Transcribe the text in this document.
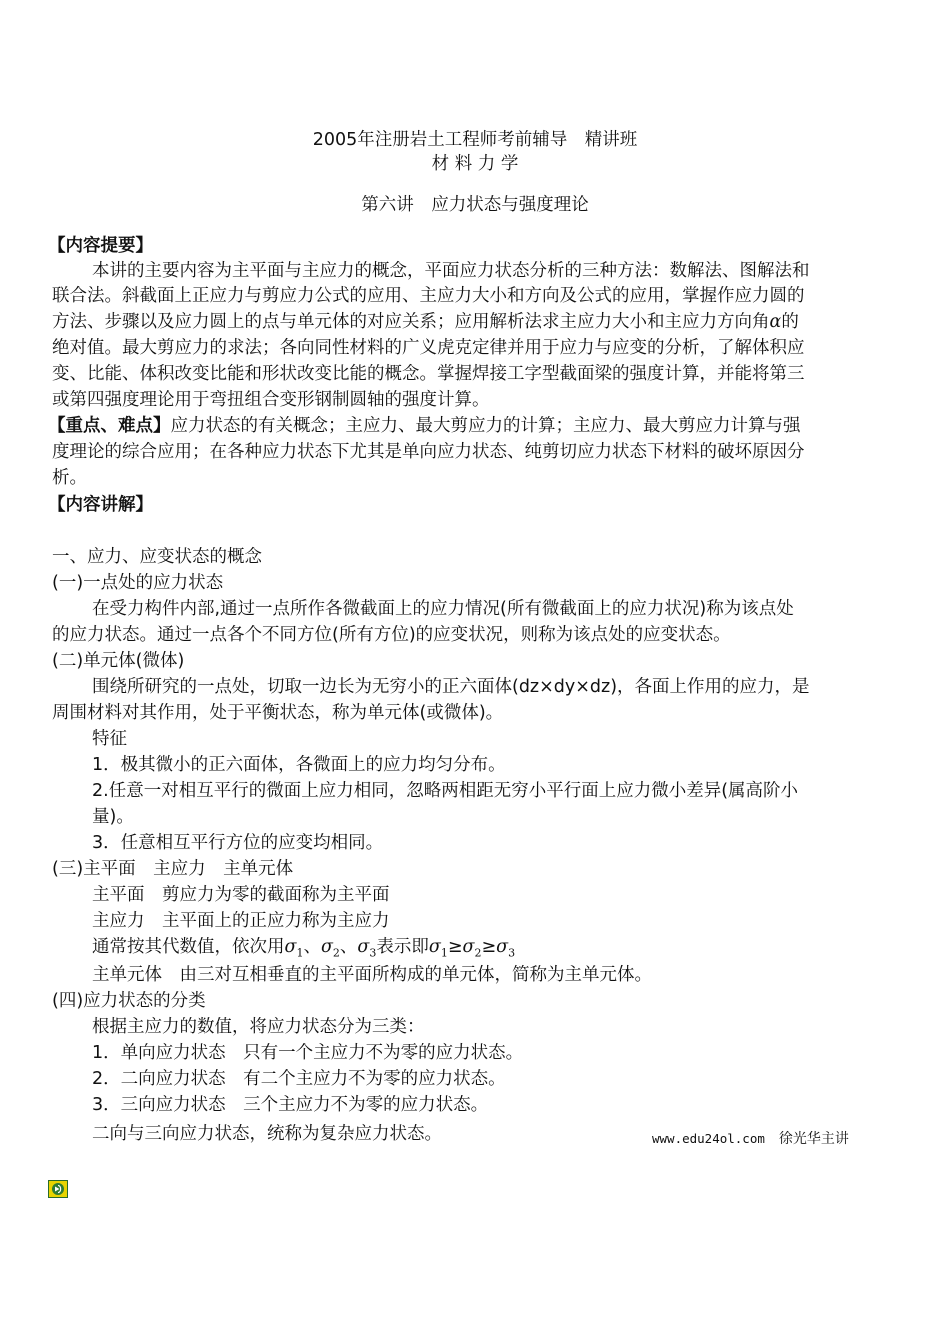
2005年注册岩土工程师考前辅导　精讲班
材 料 力 学
第六讲　应力状态与强度理论
【内容提要】
本讲的主要内容为主平面与主应力的概念，平面应力状态分析的三种方法：数解法、图解法和
联合法。斜截面上正应力与剪应力公式的应用、主应力大小和方向及公式的应用，掌握作应力圆的
方法、步骤以及应力圆上的点与单元体的对应关系；应用解析法求主应力大小和主应力方向角α的
绝对值。最大剪应力的求法；各向同性材料的广义虎克定律并用于应力与应变的分析，了解体积应
变、比能、体积改变比能和形状改变比能的概念。掌握焊接工字型截面梁的强度计算，并能将第三
或第四强度理论用于弯扭组合变形钢制圆轴的强度计算。
【重点、难点】应力状态的有关概念；主应力、最大剪应力的计算；主应力、最大剪应力计算与强
度理论的综合应用；在各种应力状态下尤其是单向应力状态、纯剪切应力状态下材料的破坏原因分
析。
【内容讲解】
一、应力、应变状态的概念
(一)一点处的应力状态
在受力构件内部,通过一点所作各微截面上的应力情况(所有微截面上的应力状况)称为该点处
的应力状态。通过一点各个不同方位(所有方位)的应变状况，则称为该点处的应变状态。
(二)单元体(微体)
围绕所研究的一点处，切取一边长为无穷小的正六面体(dz×dy×dz)，各面上作用的应力，是
周围材料对其作用，处于平衡状态，称为单元体(或微体)。
特征
1．极其微小的正六面体，各微面上的应力均匀分布。
2.任意一对相互平行的微面上应力相同，忽略两相距无穷小平行面上应力微小差异(属高阶小
量)。
3．任意相互平行方位的应变均相同。
(三)主平面　主应力　主单元体
主平面　剪应力为零的截面称为主平面
主应力　主平面上的正应力称为主应力
通常按其代数值，依次用$\sigma_1$、$\sigma_2$、$\sigma_3$表示即$\sigma_1\ge\sigma_2\ge\sigma_3$
主单元体　由三对互相垂直的主平面所构成的单元体，简称为主单元体。
(四)应力状态的分类
根据主应力的数值，将应力状态分为三类：
1．单向应力状态　只有一个主应力不为零的应力状态。
2．二向应力状态　有二个主应力不为零的应力状态。
3．三向应力状态　三个主应力不为零的应力状态。
二向与三向应力状态，统称为复杂应力状态。	www.edu24ol.com 徐光华主讲
